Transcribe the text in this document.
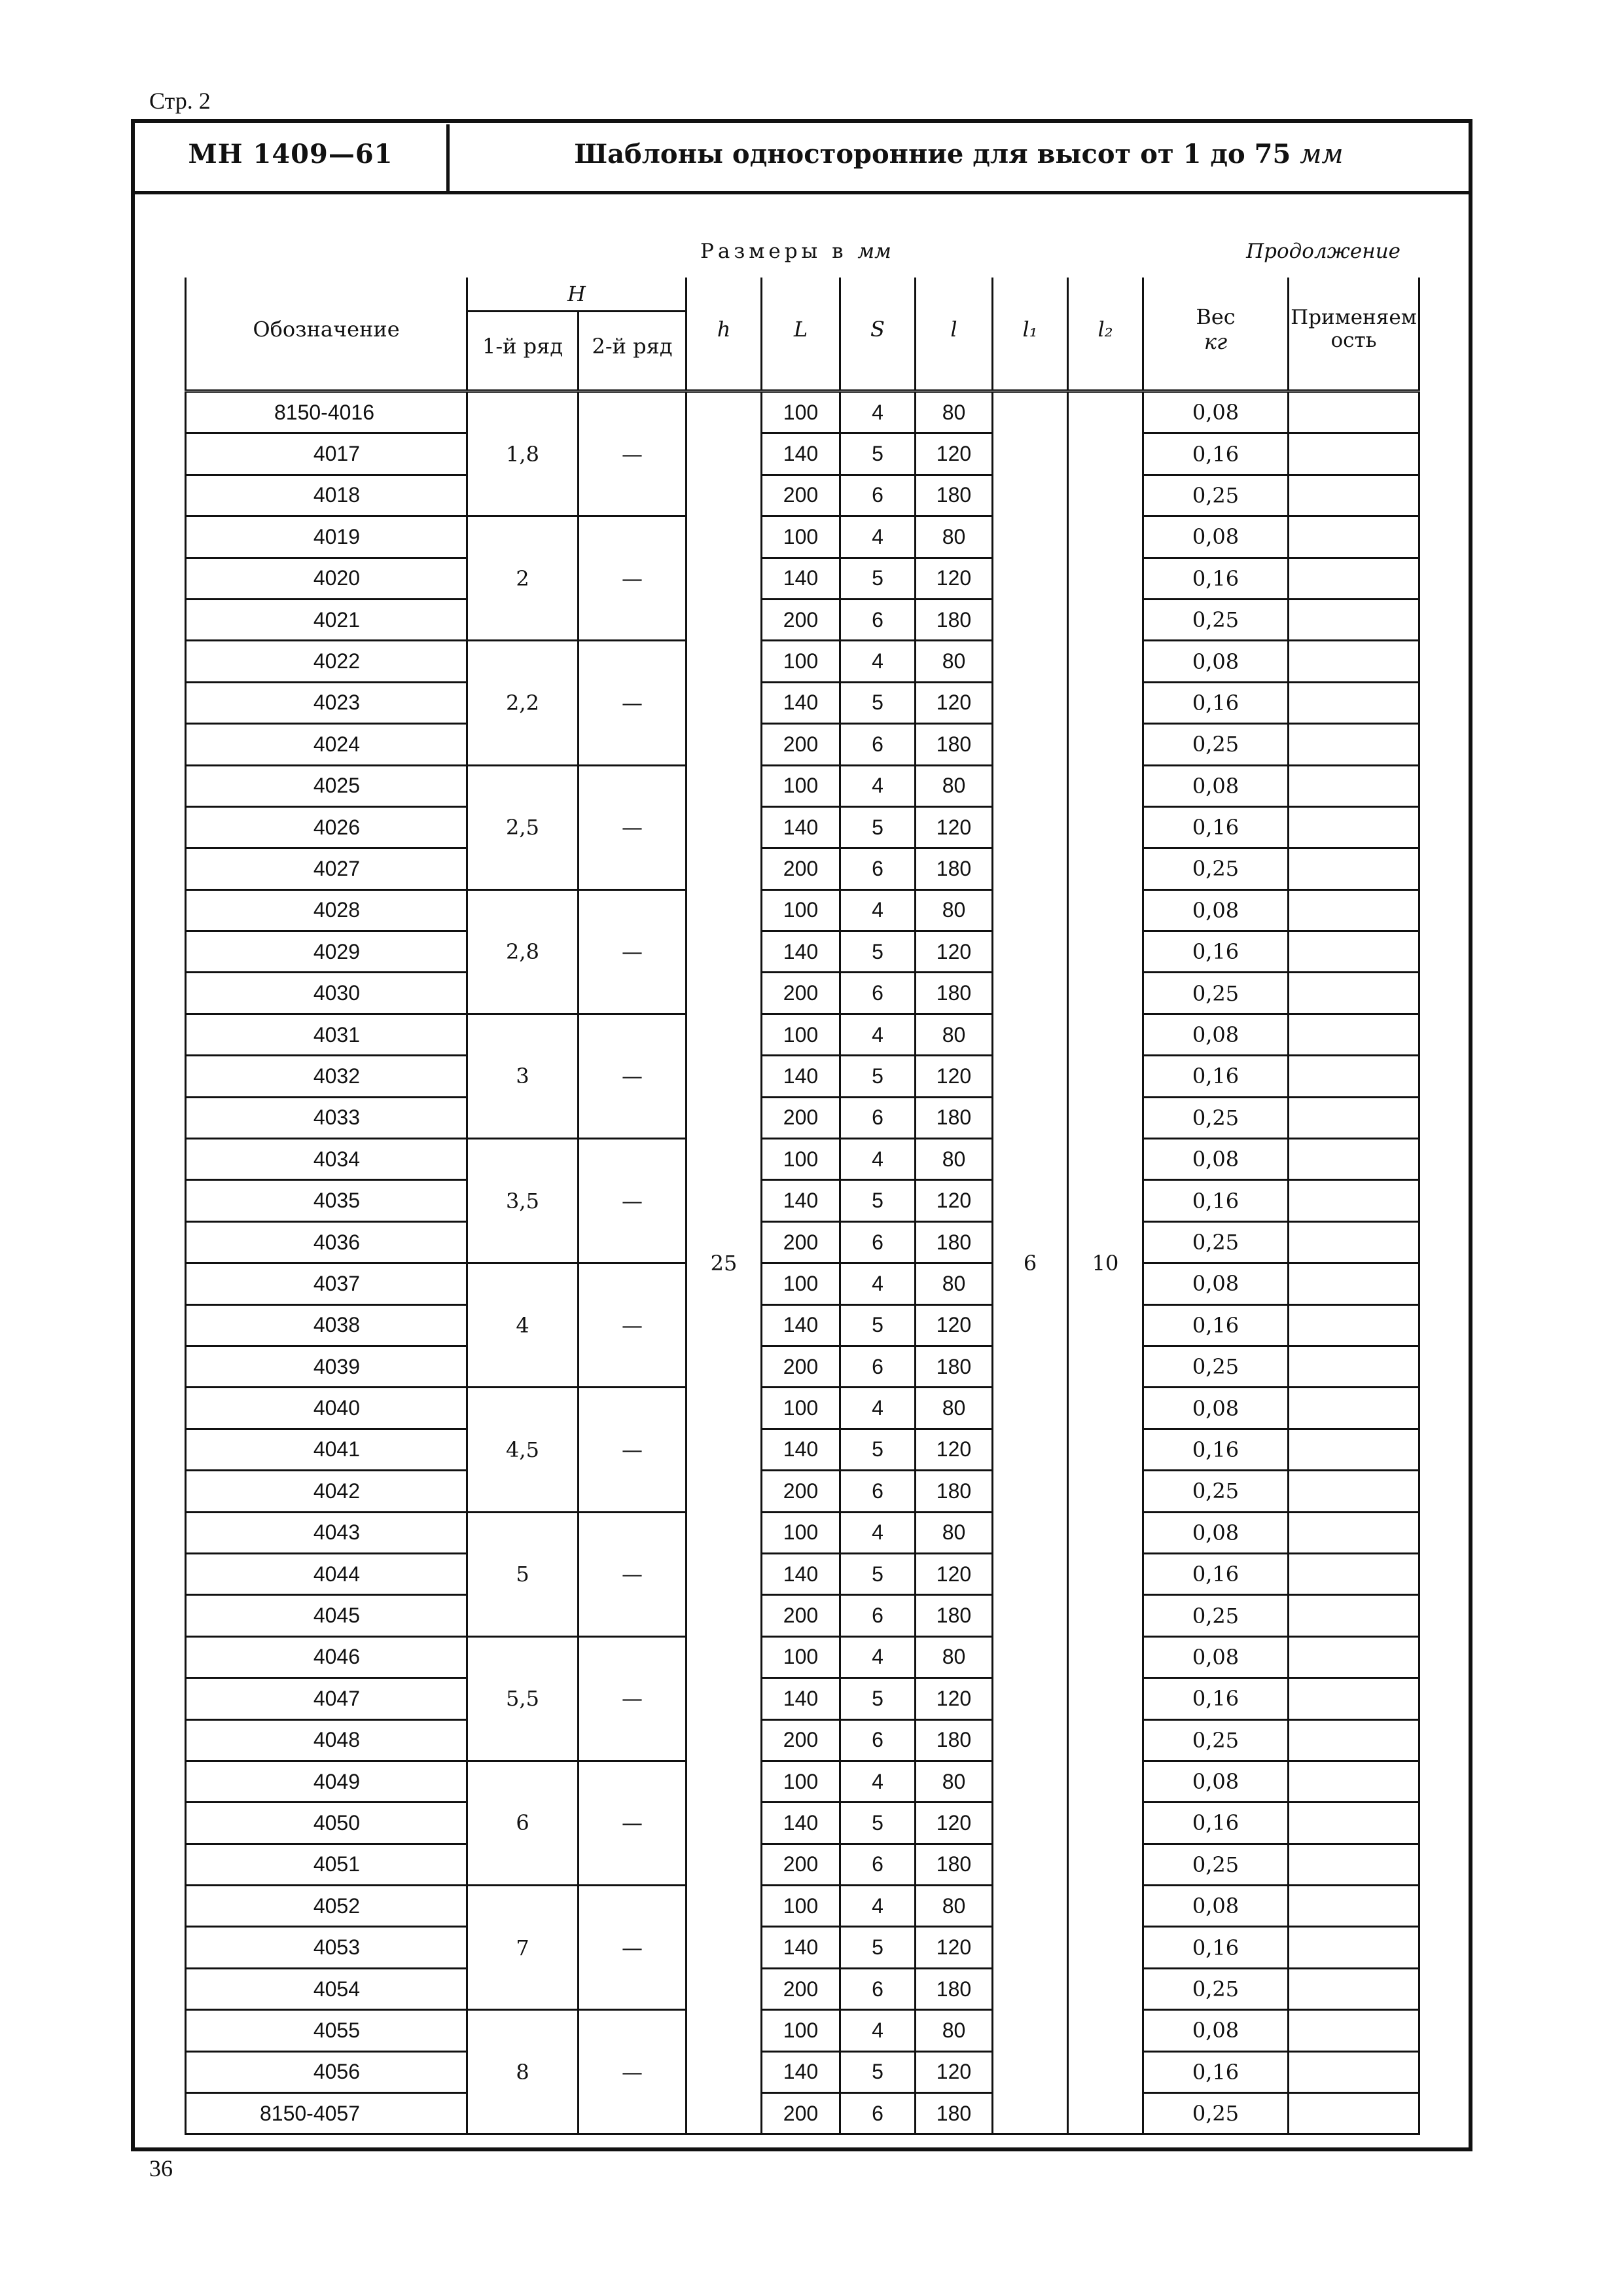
Стр. 2
МН 1409—61	Шаблоны односторонние для высот от 1 до 75 мм
Размеры в мм	Продолжение
Обозначение	H		h	L	S	l	l₁	l₂	Вес
кг	Применяемость
	1-й ряд	2-й ряд								

8150-4016	1,8	—	25	100	4	80	6	10	0,08	
4017				140	5	120			0,16	
4018				200	6	180			0,25	
4019	2	—		100	4	80			0,08	
4020				140	5	120			0,16	
4021				200	6	180			0,25	
4022	2,2	—		100	4	80			0,08	
4023				140	5	120			0,16	
4024				200	6	180			0,25	
4025	2,5	—		100	4	80			0,08	
4026				140	5	120			0,16	
4027				200	6	180			0,25	
4028	2,8	—		100	4	80			0,08	
4029				140	5	120			0,16	
4030				200	6	180			0,25	
4031	3	—		100	4	80			0,08	
4032				140	5	120			0,16	
4033				200	6	180			0,25	
4034	3,5	—		100	4	80			0,08	
4035				140	5	120			0,16	
4036				200	6	180			0,25	
4037	4	—		100	4	80			0,08	
4038				140	5	120			0,16	
4039				200	6	180			0,25	
4040	4,5	—		100	4	80			0,08	
4041				140	5	120			0,16	
4042				200	6	180			0,25	
4043	5	—		100	4	80			0,08	
4044				140	5	120			0,16	
4045				200	6	180			0,25	
4046	5,5	—		100	4	80			0,08	
4047				140	5	120			0,16	
4048				200	6	180			0,25	
4049	6	—		100	4	80			0,08	
4050				140	5	120			0,16	
4051				200	6	180			0,25	
4052	7	—		100	4	80			0,08	
4053				140	5	120			0,16	
4054				200	6	180			0,25	
4055	8	—		100	4	80			0,08	
4056				140	5	120			0,16	
8150-4057				200	6	180			0,25	
36
